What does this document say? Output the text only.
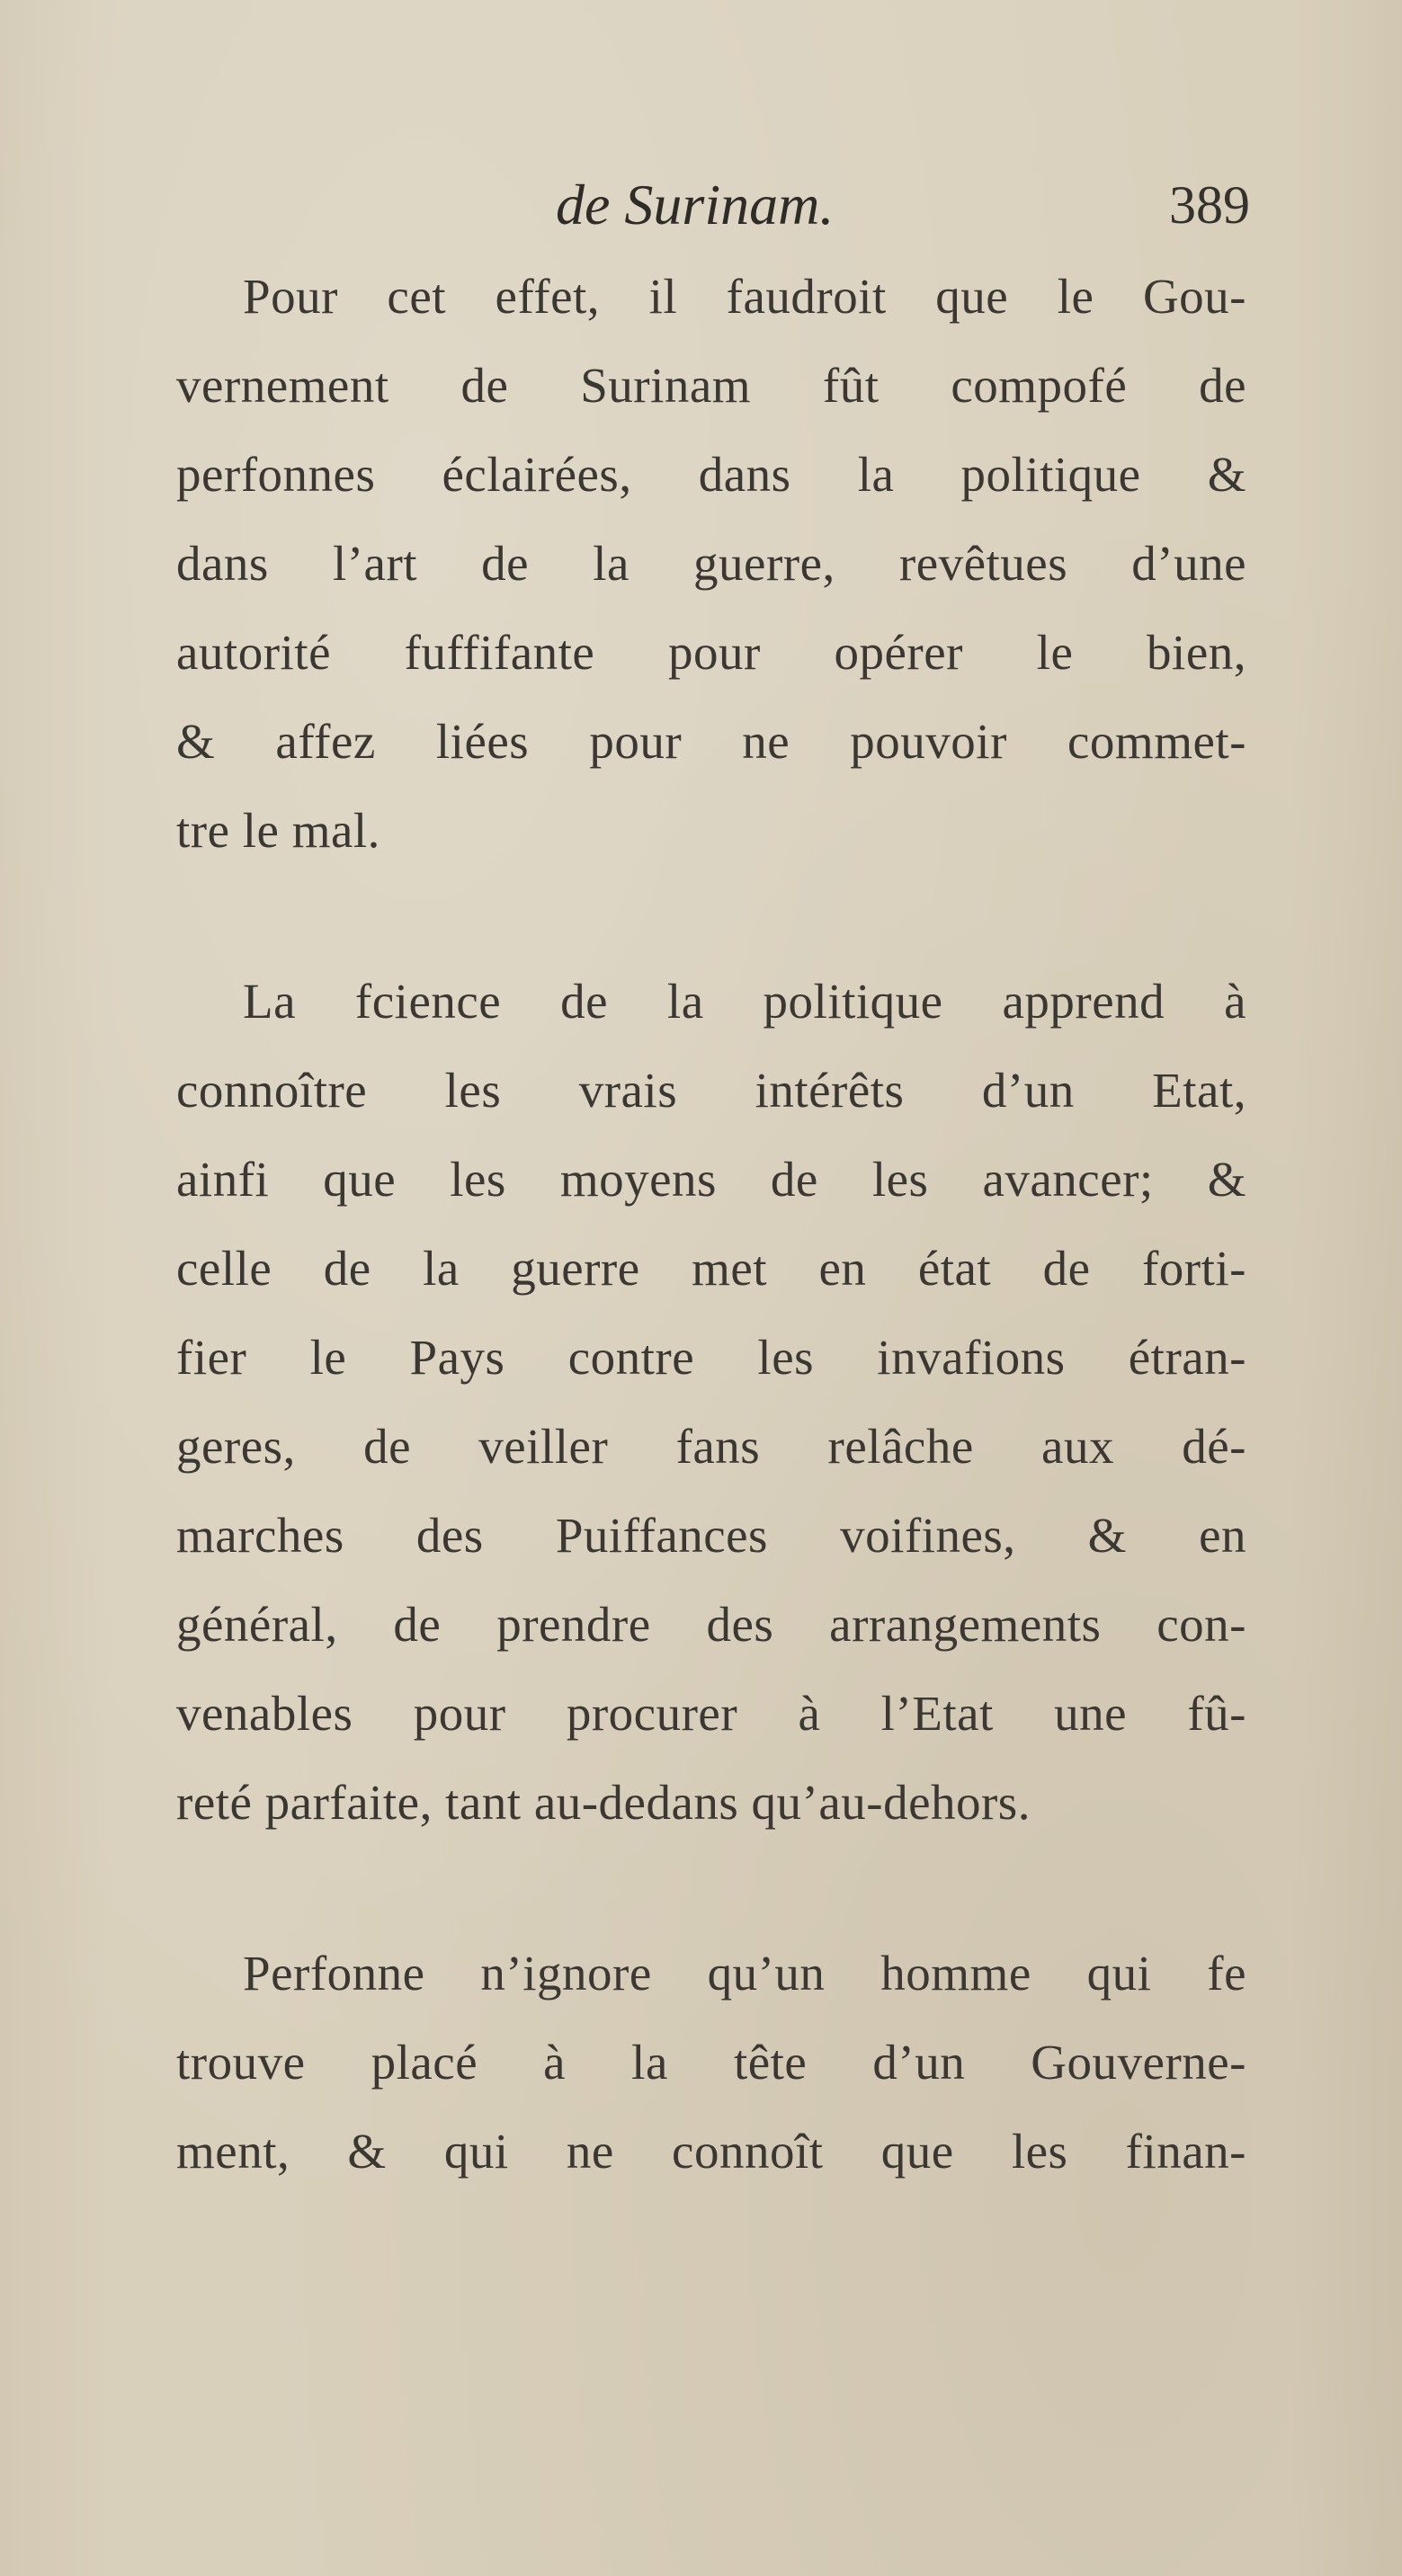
de Surinam.	389
Pour cet effet, il faudroit que le Gou-
vernement de Surinam fût compofé de
perfonnes éclairées, dans la politique &
dans l’art de la guerre, revêtues d’une
autorité fuffifante pour opérer le bien,
& affez liées pour ne pouvoir commet-
tre le mal.
La fcience de la politique apprend à
connoître les vrais intérêts d’un Etat,
ainfi que les moyens de les avancer; &
celle de la guerre met en état de forti-
fier le Pays contre les invafions étran-
geres, de veiller fans relâche aux dé-
marches des Puiffances voifines, & en
général, de prendre des arrangements con-
venables pour procurer à l’Etat une fû-
reté parfaite, tant au-dedans qu’au-dehors.
Perfonne n’ignore qu’un homme qui fe
trouve placé à la tête d’un Gouverne-
ment, & qui ne connoît que les finan-
